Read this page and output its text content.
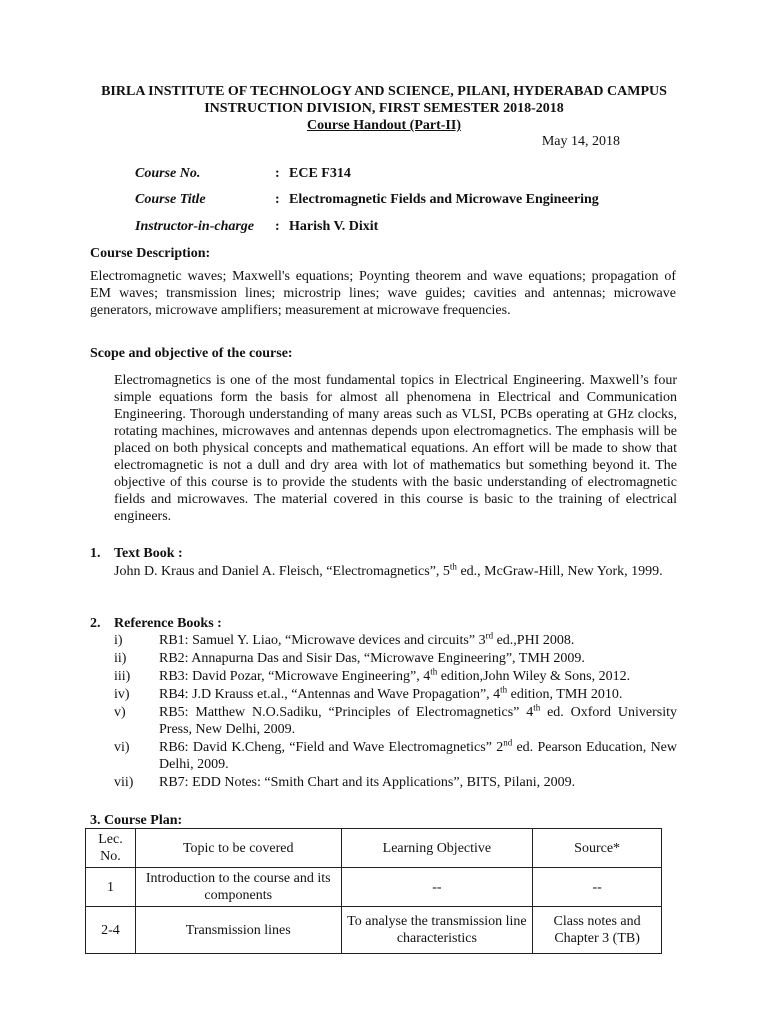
BIRLA INSTITUTE OF TECHNOLOGY AND SCIENCE, PILANI, HYDERABAD CAMPUS
INSTRUCTION DIVISION, FIRST SEMESTER 2018-2018
Course Handout (Part-II)
May 14, 2018
Course No.	: ECE F314
Course Title	: Electromagnetic Fields and Microwave Engineering
Instructor-in-charge : Harish V. Dixit
Course Description:
Electromagnetic waves; Maxwell's equations; Poynting theorem and wave equations; propagation of EM waves; transmission lines; microstrip lines; wave guides; cavities and antennas; microwave generators, microwave amplifiers; measurement at microwave frequencies.
Scope and objective of the course:
Electromagnetics is one of the most fundamental topics in Electrical Engineering. Maxwell’s four simple equations form the basis for almost all phenomena in Electrical and Communication Engineering. Thorough understanding of many areas such as VLSI, PCBs operating at GHz clocks, rotating machines, microwaves and antennas depends upon electromagnetics. The emphasis will be placed on both physical concepts and mathematical equations. An effort will be made to show that electromagnetic is not a dull and dry area with lot of mathematics but something beyond it. The objective of this course is to provide the students with the basic understanding of electromagnetic fields and microwaves. The material covered in this course is basic to the training of electrical engineers.
1. Text Book :
John D. Kraus and Daniel A. Fleisch, “Electromagnetics”, 5th ed., McGraw-Hill, New York, 1999.
2. Reference Books :
i)	RB1: Samuel Y. Liao, “Microwave devices and circuits” 3rd ed.,PHI 2008.
ii)	RB2: Annapurna Das and Sisir Das, “Microwave Engineering”, TMH 2009.
iii)	RB3: David Pozar, “Microwave Engineering”, 4th edition,John Wiley & Sons, 2012.
iv)	RB4: J.D Krauss et.al., “Antennas and Wave Propagation”, 4th edition, TMH 2010.
v)	RB5: Matthew N.O.Sadiku, “Principles of Electromagnetics” 4th ed. Oxford University Press, New Delhi, 2009.
vi)	RB6: David K.Cheng, “Field and Wave Electromagnetics” 2nd ed. Pearson Education, New Delhi, 2009.
vii)	RB7: EDD Notes: “Smith Chart and its Applications”, BITS, Pilani, 2009.
3. Course Plan:
Lec. No.	Topic to be covered	Learning Objective	Source*
1	Introduction to the course and its components	--	--
2-4	Transmission lines	To analyse the transmission line characteristics	Class notes and Chapter 3 (TB)
